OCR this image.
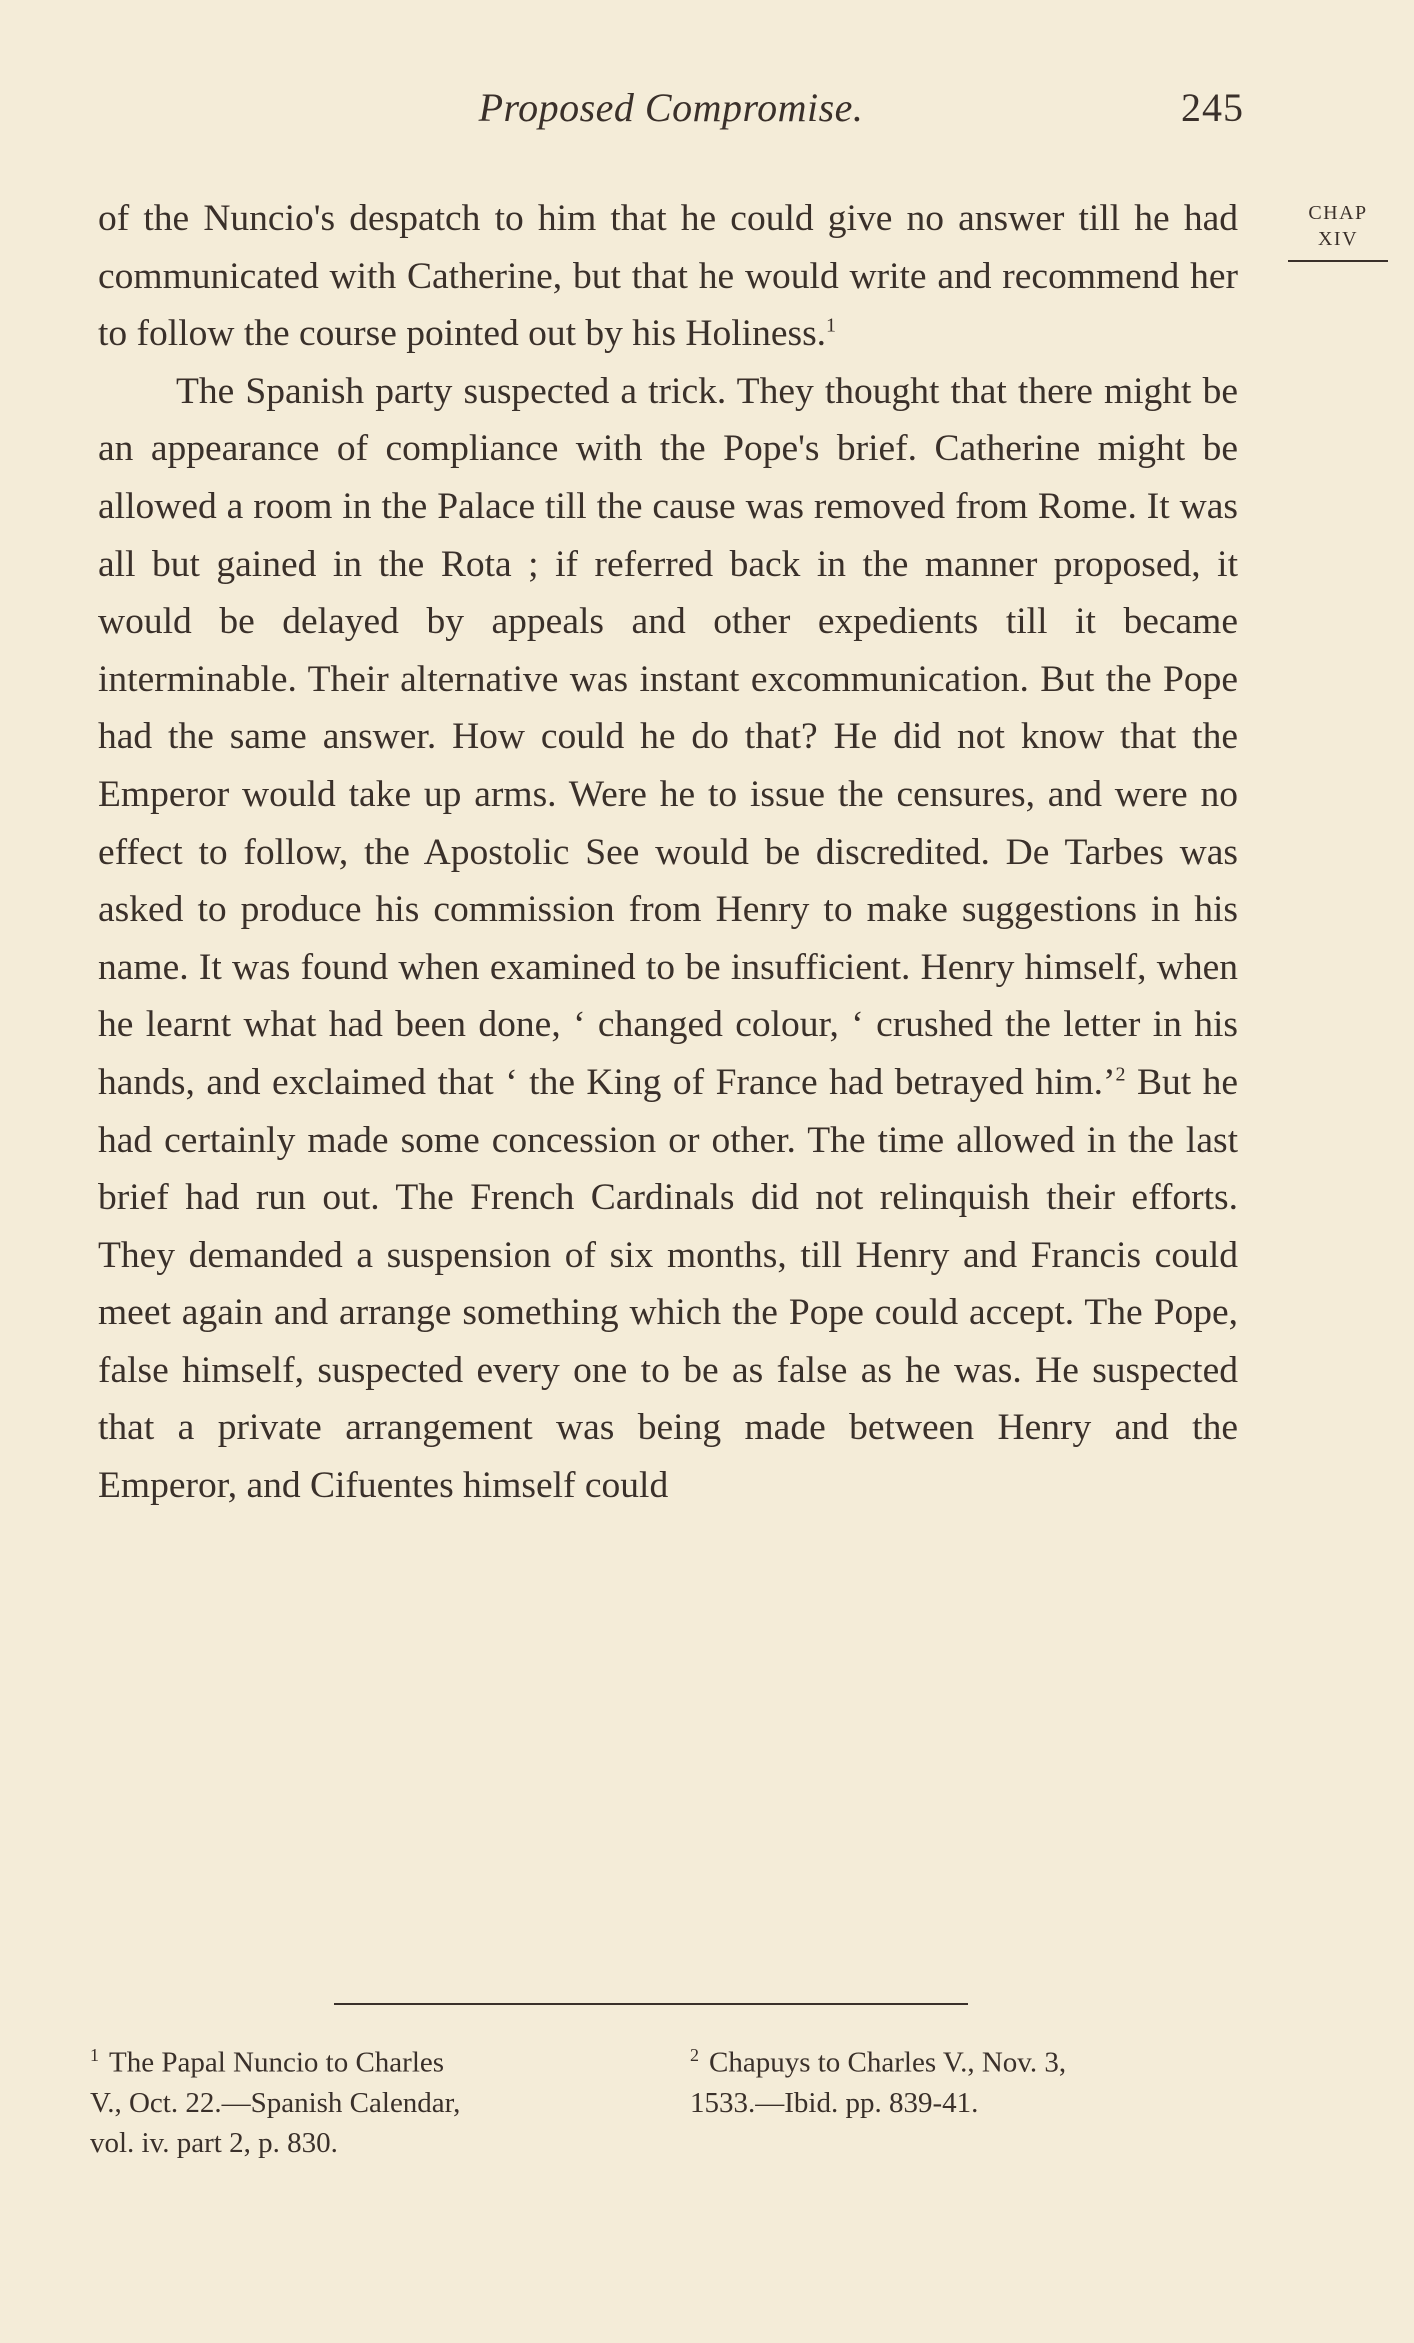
Proposed Compromise.	245
CHAP
XIV

of the Nuncio's despatch to him that he could give no answer till he had communicated with Catherine, but that he would write and recommend her to follow the course pointed out by his Holiness.$^1$

The Spanish party suspected a trick. They thought that there might be an appearance of compliance with the Pope's brief. Catherine might be allowed a room in the Palace till the cause was removed from Rome. It was all but gained in the Rota ; if referred back in the manner proposed, it would be delayed by appeals and other expedients till it became interminable. Their alternative was instant excommunication. But the Pope had the same answer. How could he do that? He did not know that the Emperor would take up arms. Were he to issue the censures, and were no effect to follow, the Apostolic See would be discredited. De Tarbes was asked to produce his commission from Henry to make suggestions in his name. It was found when examined to be insufficient. Henry himself, when he learnt what had been done, ‘ changed colour, ‘ crushed the letter in his hands, and exclaimed that ‘ the King of France had betrayed him.’$^2$ But he had certainly made some concession or other. The time allowed in the last brief had run out. The French Cardinals did not relinquish their efforts. They demanded a suspension of six months, till Henry and Francis could meet again and arrange something which the Pope could accept. The Pope, false himself, suspected every one to be as false as he was. He suspected that a private arrangement was being made between Henry and the Emperor, and Cifuentes himself could

$^1$ The Papal Nuncio to Charles
V., Oct. 22.—Spanish Calendar,
vol. iv. part 2, p. 830.
$^2$ Chapuys to Charles V., Nov. 3,
1533.—Ibid. pp. 839-41.
